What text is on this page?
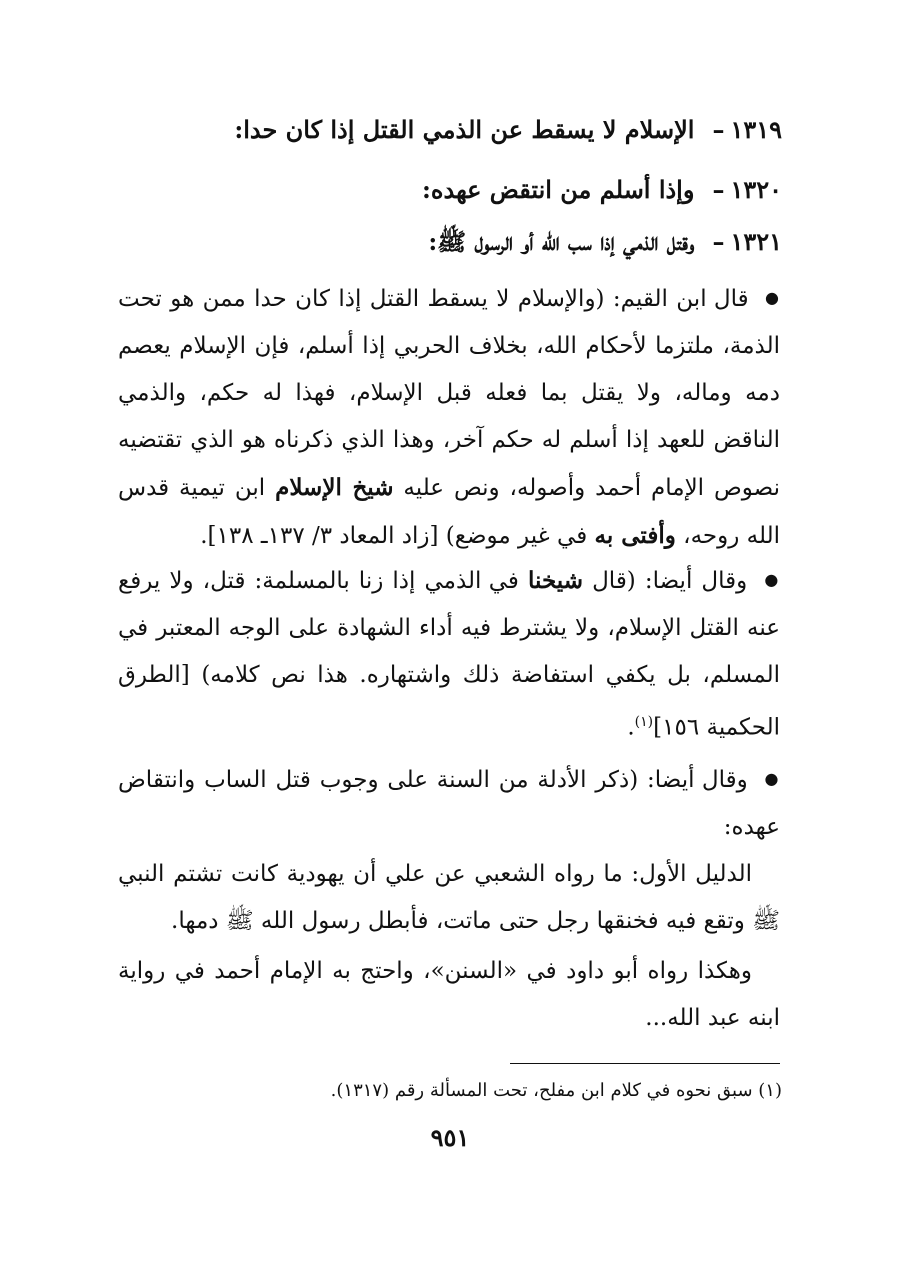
١٣١٩–الإسلام لا يسقط عن الذمي القتل إذا كان حدا:
١٣٢٠–وإذا أسلم من انتقض عهده:
١٣٢١–وقتل الذمي إذا سب الله أو الرسول ﷺ:
● قال ابن القيم: (والإسلام لا يسقط القتل إذا كان حدا ممن هو تحت الذمة، ملتزما لأحكام الله، بخلاف الحربي إذا أسلم، فإن الإسلام يعصم دمه وماله، ولا يقتل بما فعله قبل الإسلام، فهذا له حكم، والذمي الناقض للعهد إذا أسلم له حكم آخر، وهذا الذي ذكرناه هو الذي تقتضيه نصوص الإمام أحمد وأصوله، ونص عليه شيخ الإسلام ابن تيمية قدس الله روحه، وأفتى به في غير موضع) [زاد المعاد ٣/ ١٣٧ـ ١٣٨].
● وقال أيضا: (قال شيخنا في الذمي إذا زنا بالمسلمة: قتل، ولا يرفع عنه القتل الإسلام، ولا يشترط فيه أداء الشهادة على الوجه المعتبر في المسلم، بل يكفي استفاضة ذلك واشتهاره. هذا نص كلامه) [الطرق الحكمية ١٥٦]$^{(١)}$.
● وقال أيضا: (ذكر الأدلة من السنة على وجوب قتل الساب وانتقاض عهده:
الدليل الأول: ما رواه الشعبي عن علي أن يهودية كانت تشتم النبي ﷺ وتقع فيه فخنقها رجل حتى ماتت، فأبطل رسول الله ﷺ دمها.
وهكذا رواه أبو داود في «السنن»، واحتج به الإمام أحمد في رواية ابنه عبد الله...
(١) سبق نحوه في كلام ابن مفلح، تحت المسألة رقم (١٣١٧).
٩٥١
